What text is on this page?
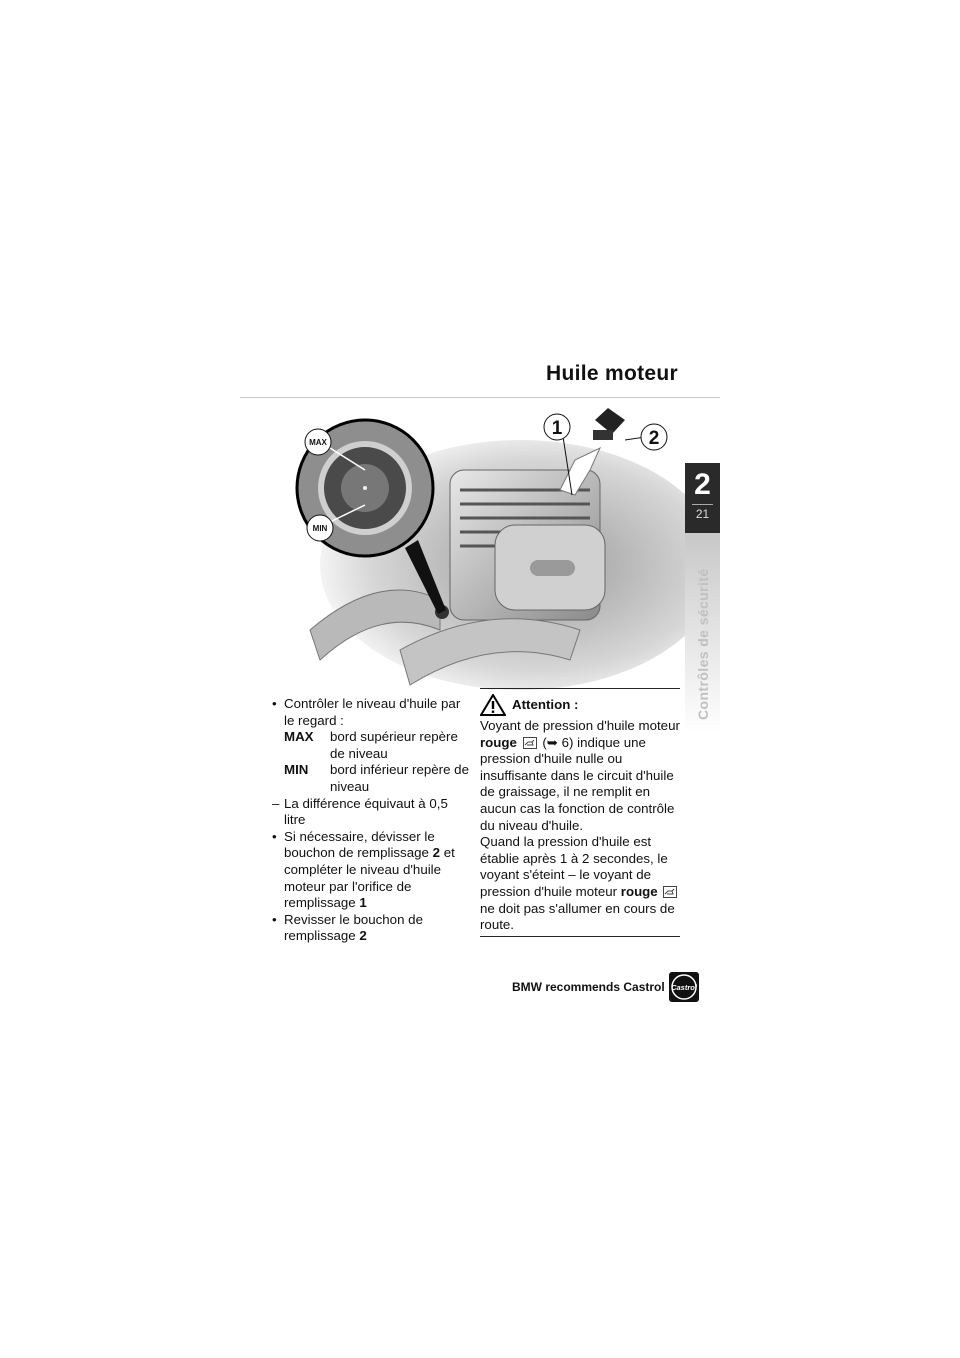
Huile moteur
MAX
MIN
1	2
2
21
Contrôles de sécurité
• Contrôler le niveau d'huile par le regard :
MAX bord supérieur repère de niveau
MIN bord inférieur repère de niveau
– La différence équivaut à 0,5 litre
• Si nécessaire, dévisser le bouchon de remplissage 2 et compléter le niveau d'huile moteur par l'orifice de remplissage 1
• Revisser le bouchon de remplissage 2
Attention :
Voyant de pression d'huile moteur rouge (➥ 6) indique une pression d'huile nulle ou insuffisante dans le circuit d'huile de graissage, il ne remplit en aucun cas la fonction de contrôle du niveau d'huile.
Quand la pression d'huile est établie après 1 à 2 secondes, le voyant s'éteint – le voyant de pression d'huile moteur rouge  ne doit pas s'allumer en cours de route.
BMW recommends Castrol Castrol
